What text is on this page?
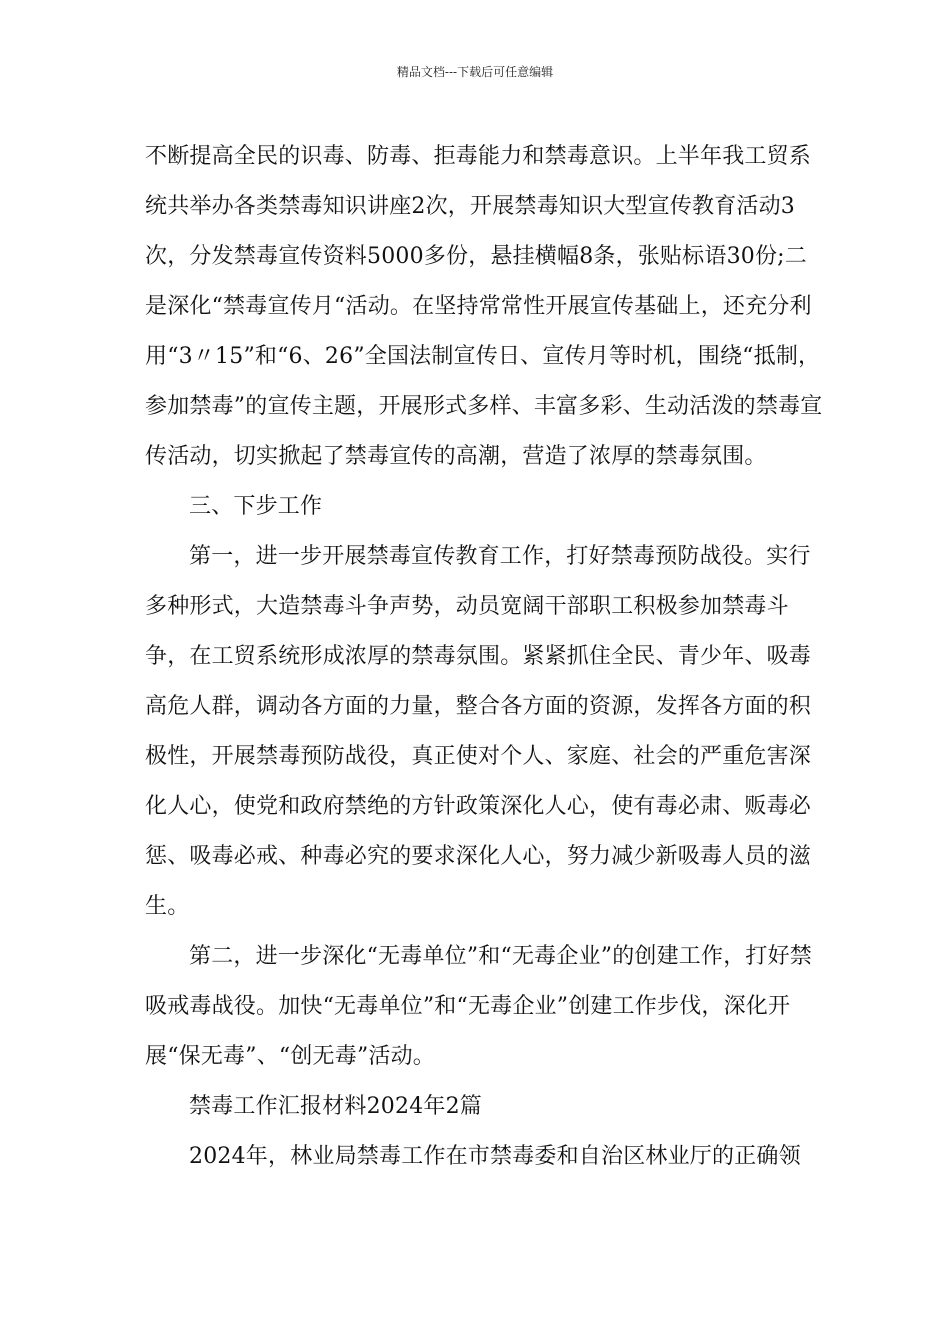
精品文档---下载后可任意编辑

不断提高全民的识毒、防毒、拒毒能力和禁毒意识。上半年我工贸系统共举办各类禁毒知识讲座2次，开展禁毒知识大型宣传教育活动3次，分发禁毒宣传资料5000多份，悬挂横幅8条，张贴标语30份;二是深化“禁毒宣传月“活动。在坚持常常性开展宣传基础上，还充分利用“3〃15”和“6、26”全国法制宣传日、宣传月等时机，围绕“抵制，参加禁毒”的宣传主题，开展形式多样、丰富多彩、生动活泼的禁毒宣传活动，切实掀起了禁毒宣传的高潮，营造了浓厚的禁毒氛围。

三、下步工作

第一，进一步开展禁毒宣传教育工作，打好禁毒预防战役。实行多种形式，大造禁毒斗争声势，动员宽阔干部职工积极参加禁毒斗争，在工贸系统形成浓厚的禁毒氛围。紧紧抓住全民、青少年、吸毒高危人群，调动各方面的力量，整合各方面的资源，发挥各方面的积极性，开展禁毒预防战役，真正使对个人、家庭、社会的严重危害深化人心，使党和政府禁绝的方针政策深化人心，使有毒必肃、贩毒必惩、吸毒必戒、种毒必究的要求深化人心，努力减少新吸毒人员的滋生。

第二，进一步深化“无毒单位”和“无毒企业”的创建工作，打好禁吸戒毒战役。加快“无毒单位”和“无毒企业”创建工作步伐，深化开展“保无毒”、“创无毒”活动。

禁毒工作汇报材料2024年2篇

2024年，林业局禁毒工作在市禁毒委和自治区林业厅的正确领
